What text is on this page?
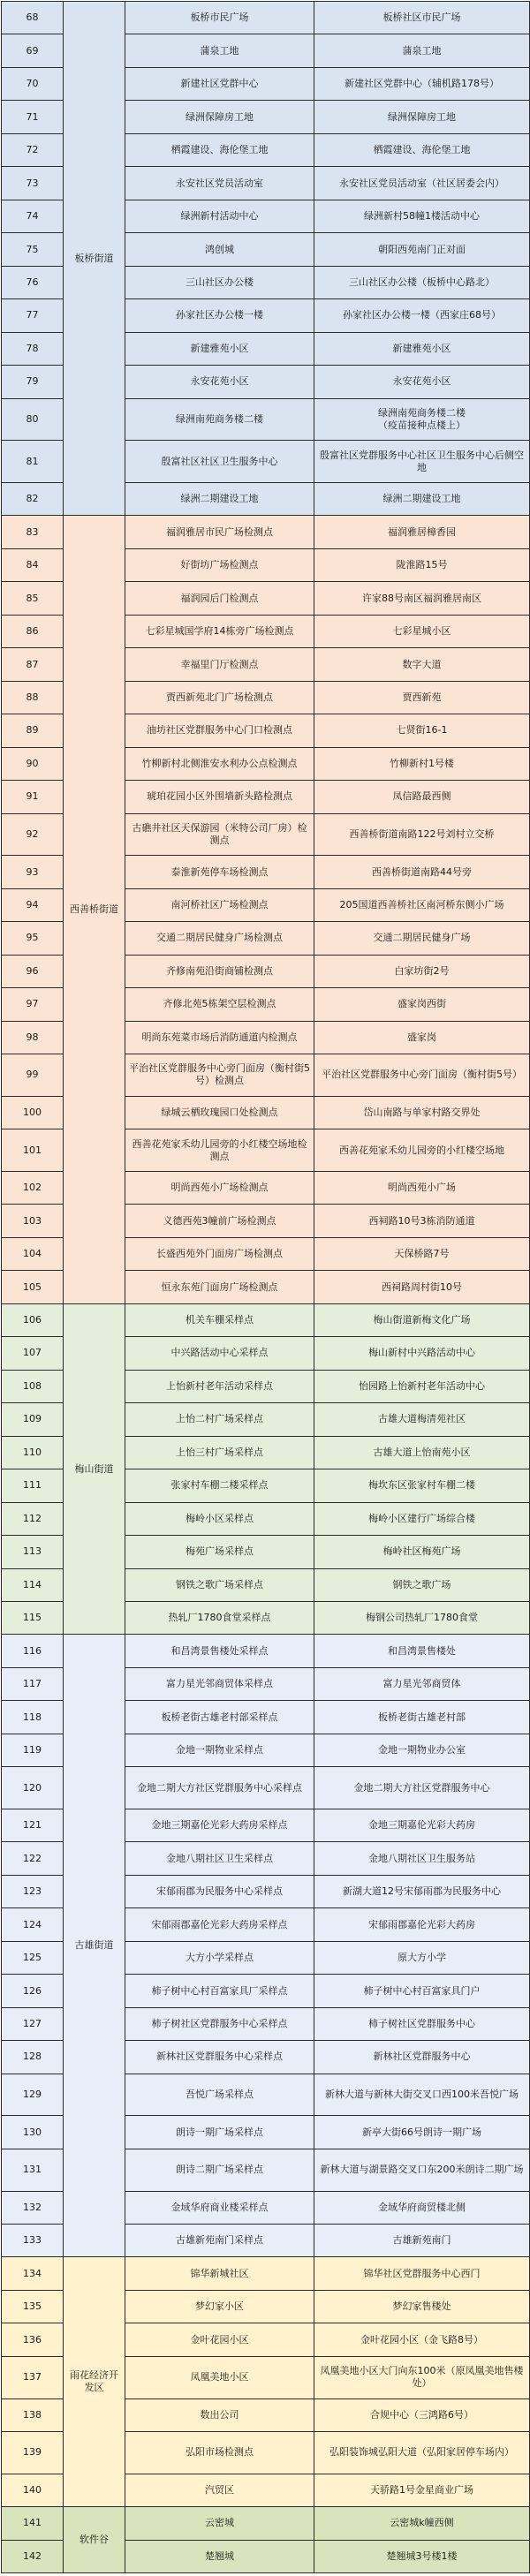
68	板桥街道	板桥市民广场	板桥社区市民广场
69		蒲泉工地	蒲泉工地
70		新建社区党群中心	新建社区党群中心（辅机路178号）
71		绿洲保障房工地	绿洲保障房工地
72		栖霞建设、海伦堡工地	栖霞建设、海伦堡工地
73		永安社区党员活动室	永安社区党员活动室（社区居委会内）
74		绿洲新村活动中心	绿洲新村58幢1楼活动中心
75		鸿创城	朝阳西苑南门正对面
76		三山社区办公楼	三山社区办公楼（板桥中心路北）
77		孙家社区办公楼一楼	孙家社区办公楼一楼（西家庄68号）
78		新建雅苑小区	新建雅苑小区
79		永安花苑小区	永安花苑小区
80		绿洲南苑商务楼二楼	绿洲南苑商务楼二楼
（疫苗接种点楼上）
81		殷富社区社区卫生服务中心	殷富社区党群服务中心社区卫生服务中心后侧空地
82		绿洲二期建设工地	绿洲二期建设工地
83	西善桥街道	福润雅居市民广场检测点	福润雅居樟香园
84		好街坊广场检测点	陇淮路15号
85		福润园后门检测点	许家88号南区福润雅居南区
86		七彩星城国学府14栋旁广场检测点	七彩星城小区
87		幸福里门厅检测点	数字大道
88		贾西新苑北门广场检测点	贾西新苑
89		油坊社区党群服务中心门口检测点	七贤街16-1
90		竹柳新村北侧淮安水利办公点检测点	竹柳新村1号楼
91		琥珀花园小区外围墙新头路检测点	凤信路最西侧
92		古礁井社区天保游园（米特公司厂房）检测点	西善桥街道南路122号刘村立交桥
93		泰淮新苑停车场检测点	西善桥街道南路44号旁
94		南河桥社区广场检测点	205国道西善桥社区南河桥东侧小广场
95		交通二期居民健身广场检测点	交通二期居民健身广场
96		齐修南苑沿街商铺检测点	白家坊街2号
97		齐修北苑5栋架空层检测点	盛家岗西街
98		明尚东苑菜市场后消防通道内检测点	盛家岗
99		平治社区党群服务中心旁门面房（衡村街5号）检测点	平治社区党群服务中心旁门面房（衡村街5号）
100		绿城云栖玫瑰园口处检测点	岱山南路与单家村路交界处
101		西善花苑家禾幼儿园旁的小红楼空场地检测点	西善花苑家禾幼儿园旁的小红楼空场地
102		明尚西苑小广场检测点	明尚西苑小广场
103		义德西苑3幢前广场检测点	西祠路10号3栋消防通道
104		长盛西苑外门面房广场检测点	天保桥路7号
105		恒永东苑门面房广场检测点	西祠路周村街10号
106	梅山街道	机关车棚采样点	梅山街道新梅文化广场
107		中兴路活动中心采样点	梅山新村中兴路活动中心
108		上怡新村老年活动采样点	怡园路上怡新村老年活动中心
109		上怡二村广场采样点	古雄大道梅清苑社区
110		上怡三村广场采样点	古雄大道上怡南苑小区
111		张家村车棚二楼采样点	梅坎东区张家村车棚二楼
112		梅岭小区采样点	梅岭小区建行广场综合楼
113		梅苑广场采样点	梅岭社区梅苑广场
114		钢铁之歌广场采样点	钢铁之歌广场
115		热轧厂1780食堂采样点	梅钢公司热轧厂1780食堂
116	古雄街道	和昌湾景售楼处采样点	和昌湾景售楼处
117		富力星光邻商贸体采样点	富力星光邻商贸体
118		板桥老街古雄老村部采样点	板桥老街古雄老村部
119		金地一期物业采样点	金地一期物业办公室
120		金地二期大方社区党群服务中心采样点	金地二期大方社区党群服务中心
121		金地三期嘉伦光彩大药房采样点	金地三期嘉伦光彩大药房
122		金地八期社区卫生采样点	金地八期社区卫生服务站
123		宋郁雨郡为民服务中心采样点	新湖大道12号宋郁雨郡为民服务中心
124		宋郁雨郡嘉伦光彩大药房采样点	宋郁雨郡嘉伦光彩大药房
125		大方小学采样点	原大方小学
126		柿子树中心村百富家具厂采样点	柿子树中心村百富家具门户
127		柿子树社区党群服务中心采样点	柿子树社区党群服务中心
128		新林社区党群服务中心采样点	新林社区党群服务中心
129		吾悦广场采样点	新林大道与新林大街交叉口西100米吾悦广场
130		朗诗一期广场采样点	新亭大街66号朗诗一期广场
131		朗诗二期广场采样点	新林大道与湖景路交叉口东200米朗诗二期广场
132		金域华府商业楼采样点	金域华府商贸楼北侧
133		古雄新苑南门采样点	古雄新苑南门
134	雨花经济开发区	锦华新城社区	锦华社区党群服务中心西门
135		梦幻家小区	梦幻家售楼处
136		金叶花园小区	金叶花园小区（金飞路8号）
137		凤凰美地小区	凤凰美地小区大门向东100米（原凤凰美地售楼处）
138		数出公司	合规中心（三鸿路6号）
139		弘阳市场检测点	弘阳装饰城弘阳大道（弘阳家居停车场内）
140		汽贸区	天骄路1号金星商业广场
141	软件谷	云密城	云密城k幢西侧
142		楚翘城	楚翘城3号楼1楼
